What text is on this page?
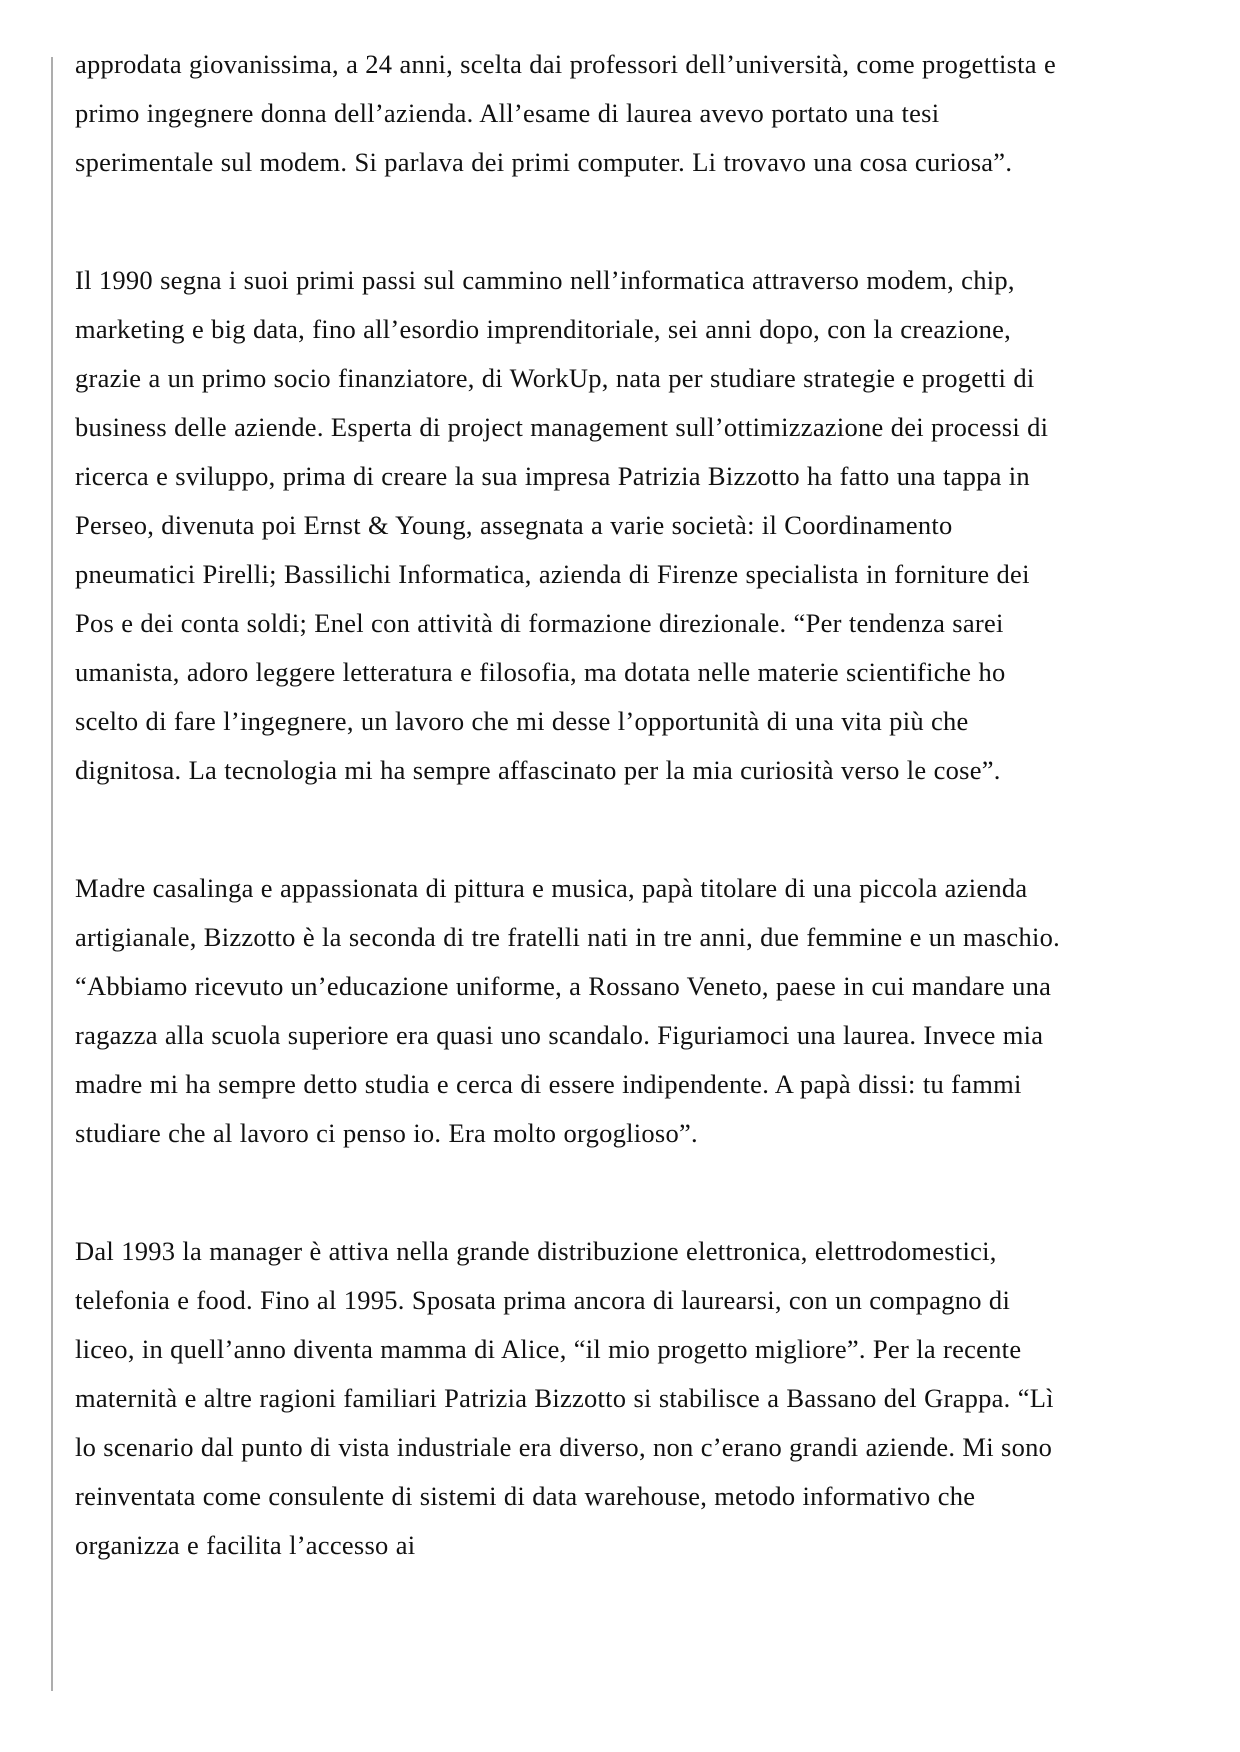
approdata giovanissima, a 24 anni, scelta dai professori dell’università, come progettista e primo ingegnere donna dell’azienda. All’esame di laurea avevo portato una tesi sperimentale sul modem. Si parlava dei primi computer. Li trovavo una cosa curiosa”.

Il 1990 segna i suoi primi passi sul cammino nell’informatica attraverso modem, chip, marketing e big data, fino all’esordio imprenditoriale, sei anni dopo, con la creazione, grazie a un primo socio finanziatore, di WorkUp, nata per studiare strategie e progetti di business delle aziende. Esperta di project management sull’ottimizzazione dei processi di ricerca e sviluppo, prima di creare la sua impresa Patrizia Bizzotto ha fatto una tappa in Perseo, divenuta poi Ernst & Young, assegnata a varie società: il Coordinamento pneumatici Pirelli; Bassilichi Informatica, azienda di Firenze specialista in forniture dei Pos e dei conta soldi; Enel con attività di formazione direzionale. “Per tendenza sarei umanista, adoro leggere letteratura e filosofia, ma dotata nelle materie scientifiche ho scelto di fare l’ingegnere, un lavoro che mi desse l’opportunità di una vita più che dignitosa. La tecnologia mi ha sempre affascinato per la mia curiosità verso le cose”.

Madre casalinga e appassionata di pittura e musica, papà titolare di una piccola azienda artigianale, Bizzotto è la seconda di tre fratelli nati in tre anni, due femmine e un maschio. “Abbiamo ricevuto un’educazione uniforme, a Rossano Veneto, paese in cui mandare una ragazza alla scuola superiore era quasi uno scandalo. Figuriamoci una laurea. Invece mia madre mi ha sempre detto studia e cerca di essere indipendente. A papà dissi: tu fammi studiare che al lavoro ci penso io. Era molto orgoglioso”.

Dal 1993 la manager è attiva nella grande distribuzione elettronica, elettrodomestici, telefonia e food. Fino al 1995. Sposata prima ancora di laurearsi, con un compagno di liceo, in quell’anno diventa mamma di Alice, “il mio progetto migliore”. Per la recente maternità e altre ragioni familiari Patrizia Bizzotto si stabilisce a Bassano del Grappa. “Lì lo scenario dal punto di vista industriale era diverso, non c’erano grandi aziende. Mi sono reinventata come consulente di sistemi di data warehouse, metodo informativo che organizza e facilita l’accesso ai
